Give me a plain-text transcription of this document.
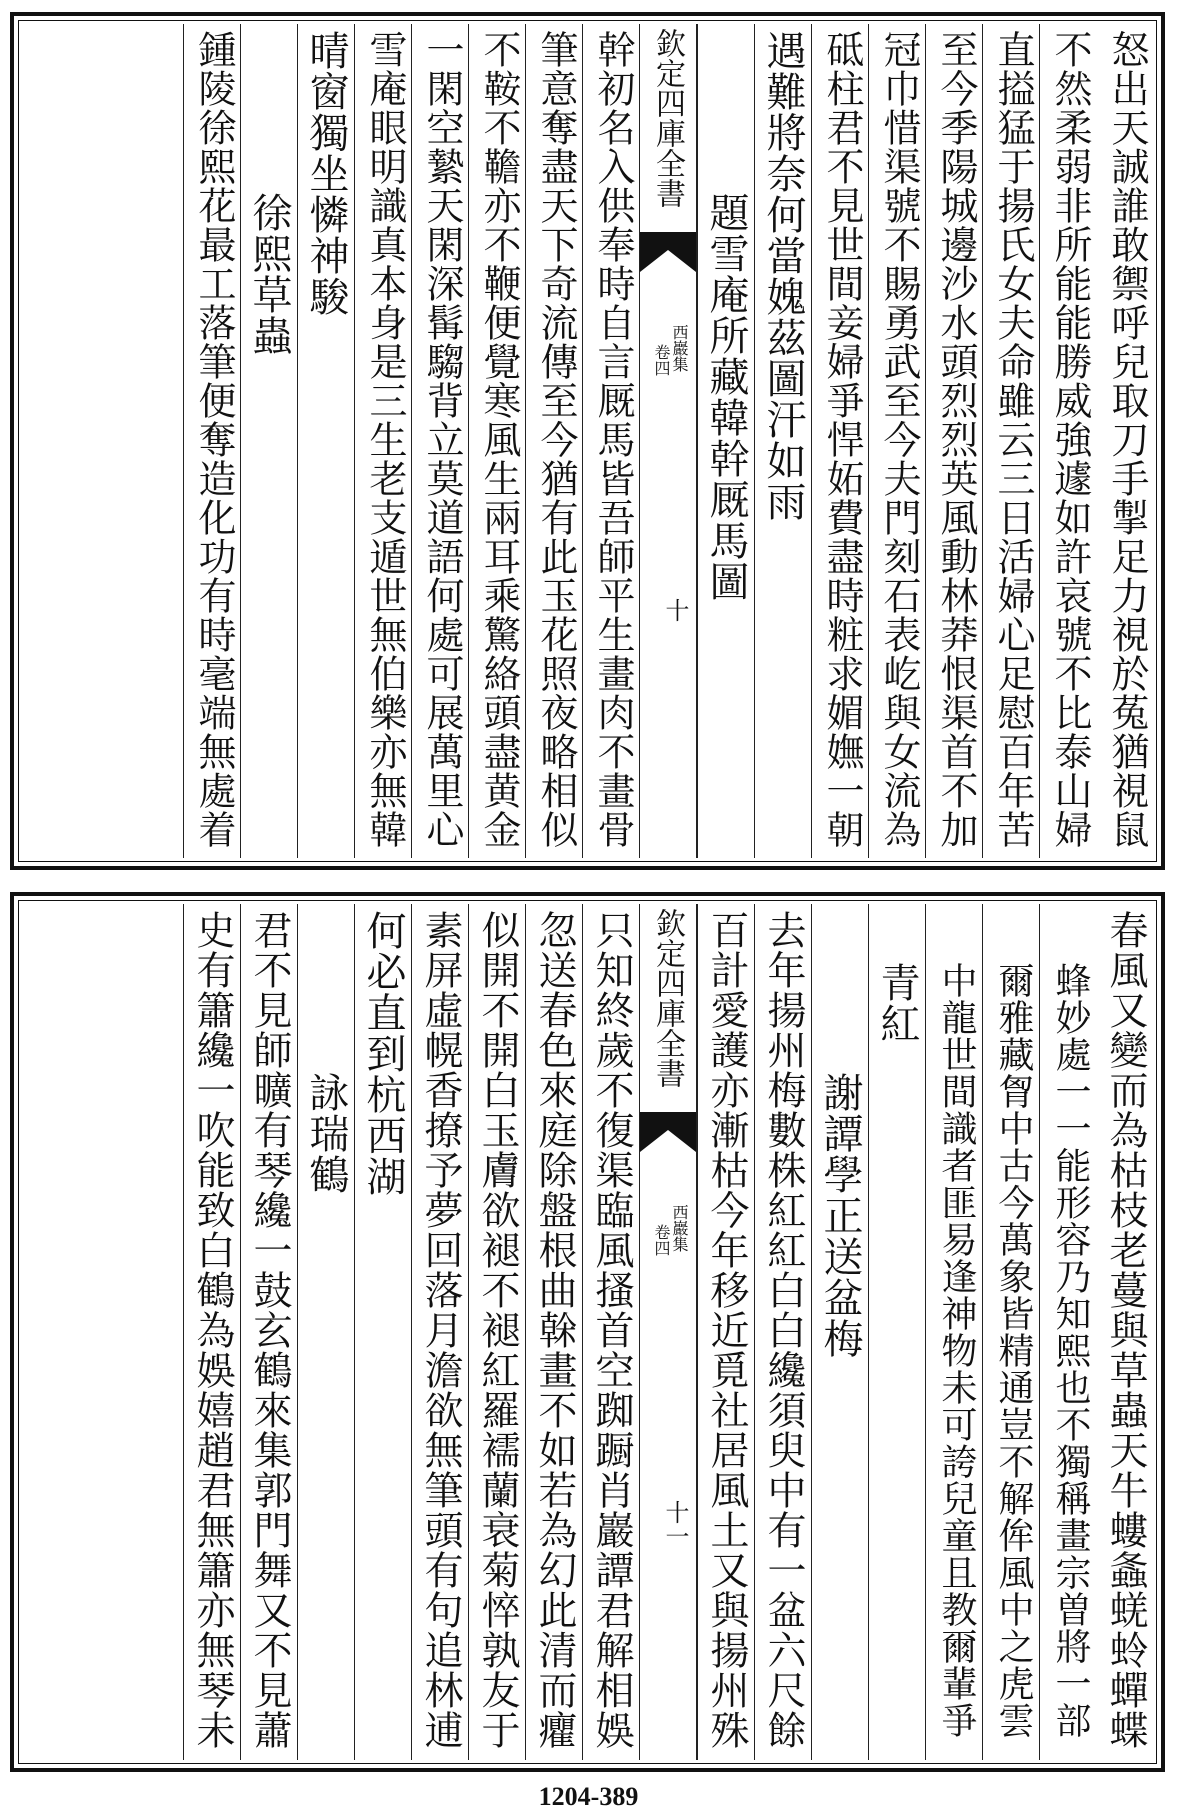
怒出天誠誰敢禦呼兒取刀手掣足力視於菟猶視鼠
不然柔弱非所能能勝威強遽如許哀號不比泰山婦
直搤猛于揚氏女夫命雖云三日活婦心足慰百年苦
至今季陽城邊沙水頭烈烈英風動林莽恨渠首不加
冠巾惜渠號不賜勇武至今夫門刻石表屹與女流為
砥柱君不見世間妾婦爭悍妬費盡時粧求媚嫵一朝
遇難將奈何當媿茲圖汗如雨
題雪庵所藏韓幹厩馬圖
欽定四庫全書
西巖集
卷四
十
幹初名入供奉時自言厩馬皆吾師平生畫肉不畫骨
筆意奪盡天下奇流傳至今猶有此玉花照夜略相似
不鞍不韂亦不鞭便覺寒風生兩耳乘驚絡頭盡黄金
一閑空縶天閑深髯騶背立莫道語何處可展萬里心
雪庵眼明識真本身是三生老支遁世無伯樂亦無韓
晴窗獨坐憐神駿
徐熙草蟲
鍾陵徐熙花最工落筆便奪造化功有時毫端無處着
春風又變而為枯枝老蔓與草蟲天牛螻螽蜣蛉蟬蝶
蜂妙處一一能形容乃知熙也不獨稱畫宗曽將一部
爾雅藏胷中古今萬象皆精通豈不解侔風中之虎雲
中龍世間識者匪易逢神物未可誇兒童且教爾輩爭
青紅
謝譚學正送盆梅
去年揚州梅數株紅紅白白纔須臾中有一盆六尺餘
百計愛護亦漸枯今年移近覓社居風土又與揚州殊
欽定四庫全書
西巖集
卷四
十一
只知終歲不復渠臨風搔首空踟蹰肖巖譚君解相娛
忽送春色來庭除盤根曲榦畫不如若為幻此清而癯
似開不開白玉膚欲褪不褪紅羅襦蘭衰菊悴孰友于
素屏虛幌香撩予夢回落月澹欲無筆頭有句追林逋
何必直到杭西湖
詠瑞鶴
君不見師曠有琴纔一鼓玄鶴來集郭門舞又不見蕭
史有簫纔一吹能致白鶴為娛嬉趙君無簫亦無琴未
1204-389
